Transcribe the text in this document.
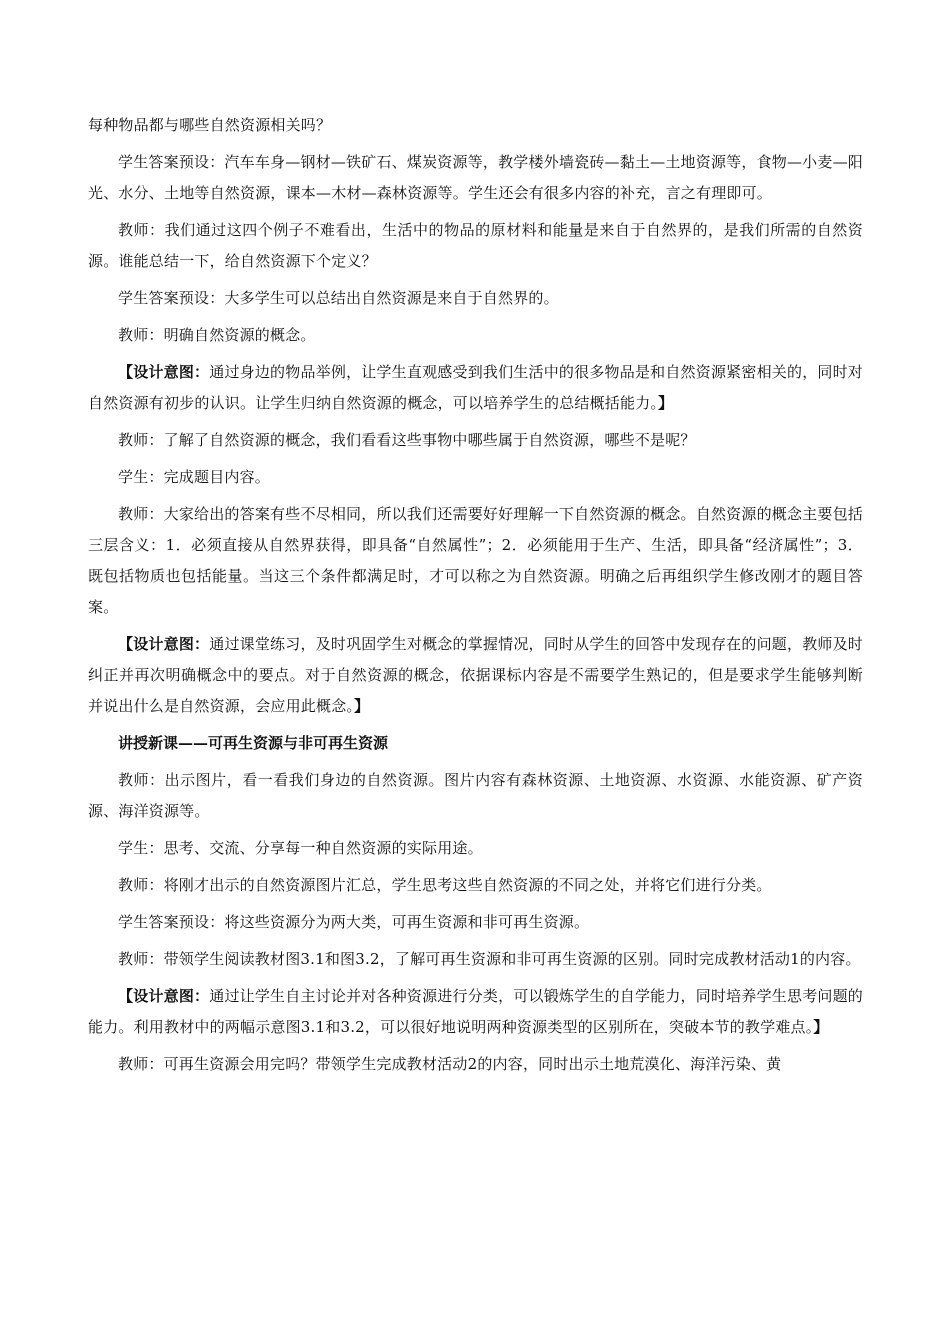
每种物品都与哪些自然资源相关吗？

学生答案预设：汽车车身—钢材—铁矿石、煤炭资源等，教学楼外墙瓷砖—黏土—土地资源等，食物—小麦—阳光、水分、土地等自然资源，课本—木材—森林资源等。学生还会有很多内容的补充，言之有理即可。

教师：我们通过这四个例子不难看出，生活中的物品的原材料和能量是来自于自然界的，是我们所需的自然资源。谁能总结一下，给自然资源下个定义？

学生答案预设：大多学生可以总结出自然资源是来自于自然界的。

教师：明确自然资源的概念。

【设计意图：通过身边的物品举例，让学生直观感受到我们生活中的很多物品是和自然资源紧密相关的，同时对自然资源有初步的认识。让学生归纳自然资源的概念，可以培养学生的总结概括能力。】

教师：了解了自然资源的概念，我们看看这些事物中哪些属于自然资源，哪些不是呢？

学生：完成题目内容。

教师：大家给出的答案有些不尽相同，所以我们还需要好好理解一下自然资源的概念。自然资源的概念主要包括三层含义：1．必须直接从自然界获得，即具备“自然属性”；2．必须能用于生产、生活，即具备“经济属性”；3．既包括物质也包括能量。当这三个条件都满足时，才可以称之为自然资源。明确之后再组织学生修改刚才的题目答案。

【设计意图：通过课堂练习，及时巩固学生对概念的掌握情况，同时从学生的回答中发现存在的问题，教师及时纠正并再次明确概念中的要点。对于自然资源的概念，依据课标内容是不需要学生熟记的，但是要求学生能够判断并说出什么是自然资源，会应用此概念。】

讲授新课——可再生资源与非可再生资源

教师：出示图片，看一看我们身边的自然资源。图片内容有森林资源、土地资源、水资源、水能资源、矿产资源、海洋资源等。

学生：思考、交流、分享每一种自然资源的实际用途。

教师：将刚才出示的自然资源图片汇总，学生思考这些自然资源的不同之处，并将它们进行分类。

学生答案预设：将这些资源分为两大类，可再生资源和非可再生资源。

教师：带领学生阅读教材图3.1和图3.2，了解可再生资源和非可再生资源的区别。同时完成教材活动1的内容。

【设计意图：通过让学生自主讨论并对各种资源进行分类，可以锻炼学生的自学能力，同时培养学生思考问题的能力。利用教材中的两幅示意图3.1和3.2，可以很好地说明两种资源类型的区别所在，突破本节的教学难点。】

教师：可再生资源会用完吗？带领学生完成教材活动2的内容，同时出示土地荒漠化、海洋污染、黄
